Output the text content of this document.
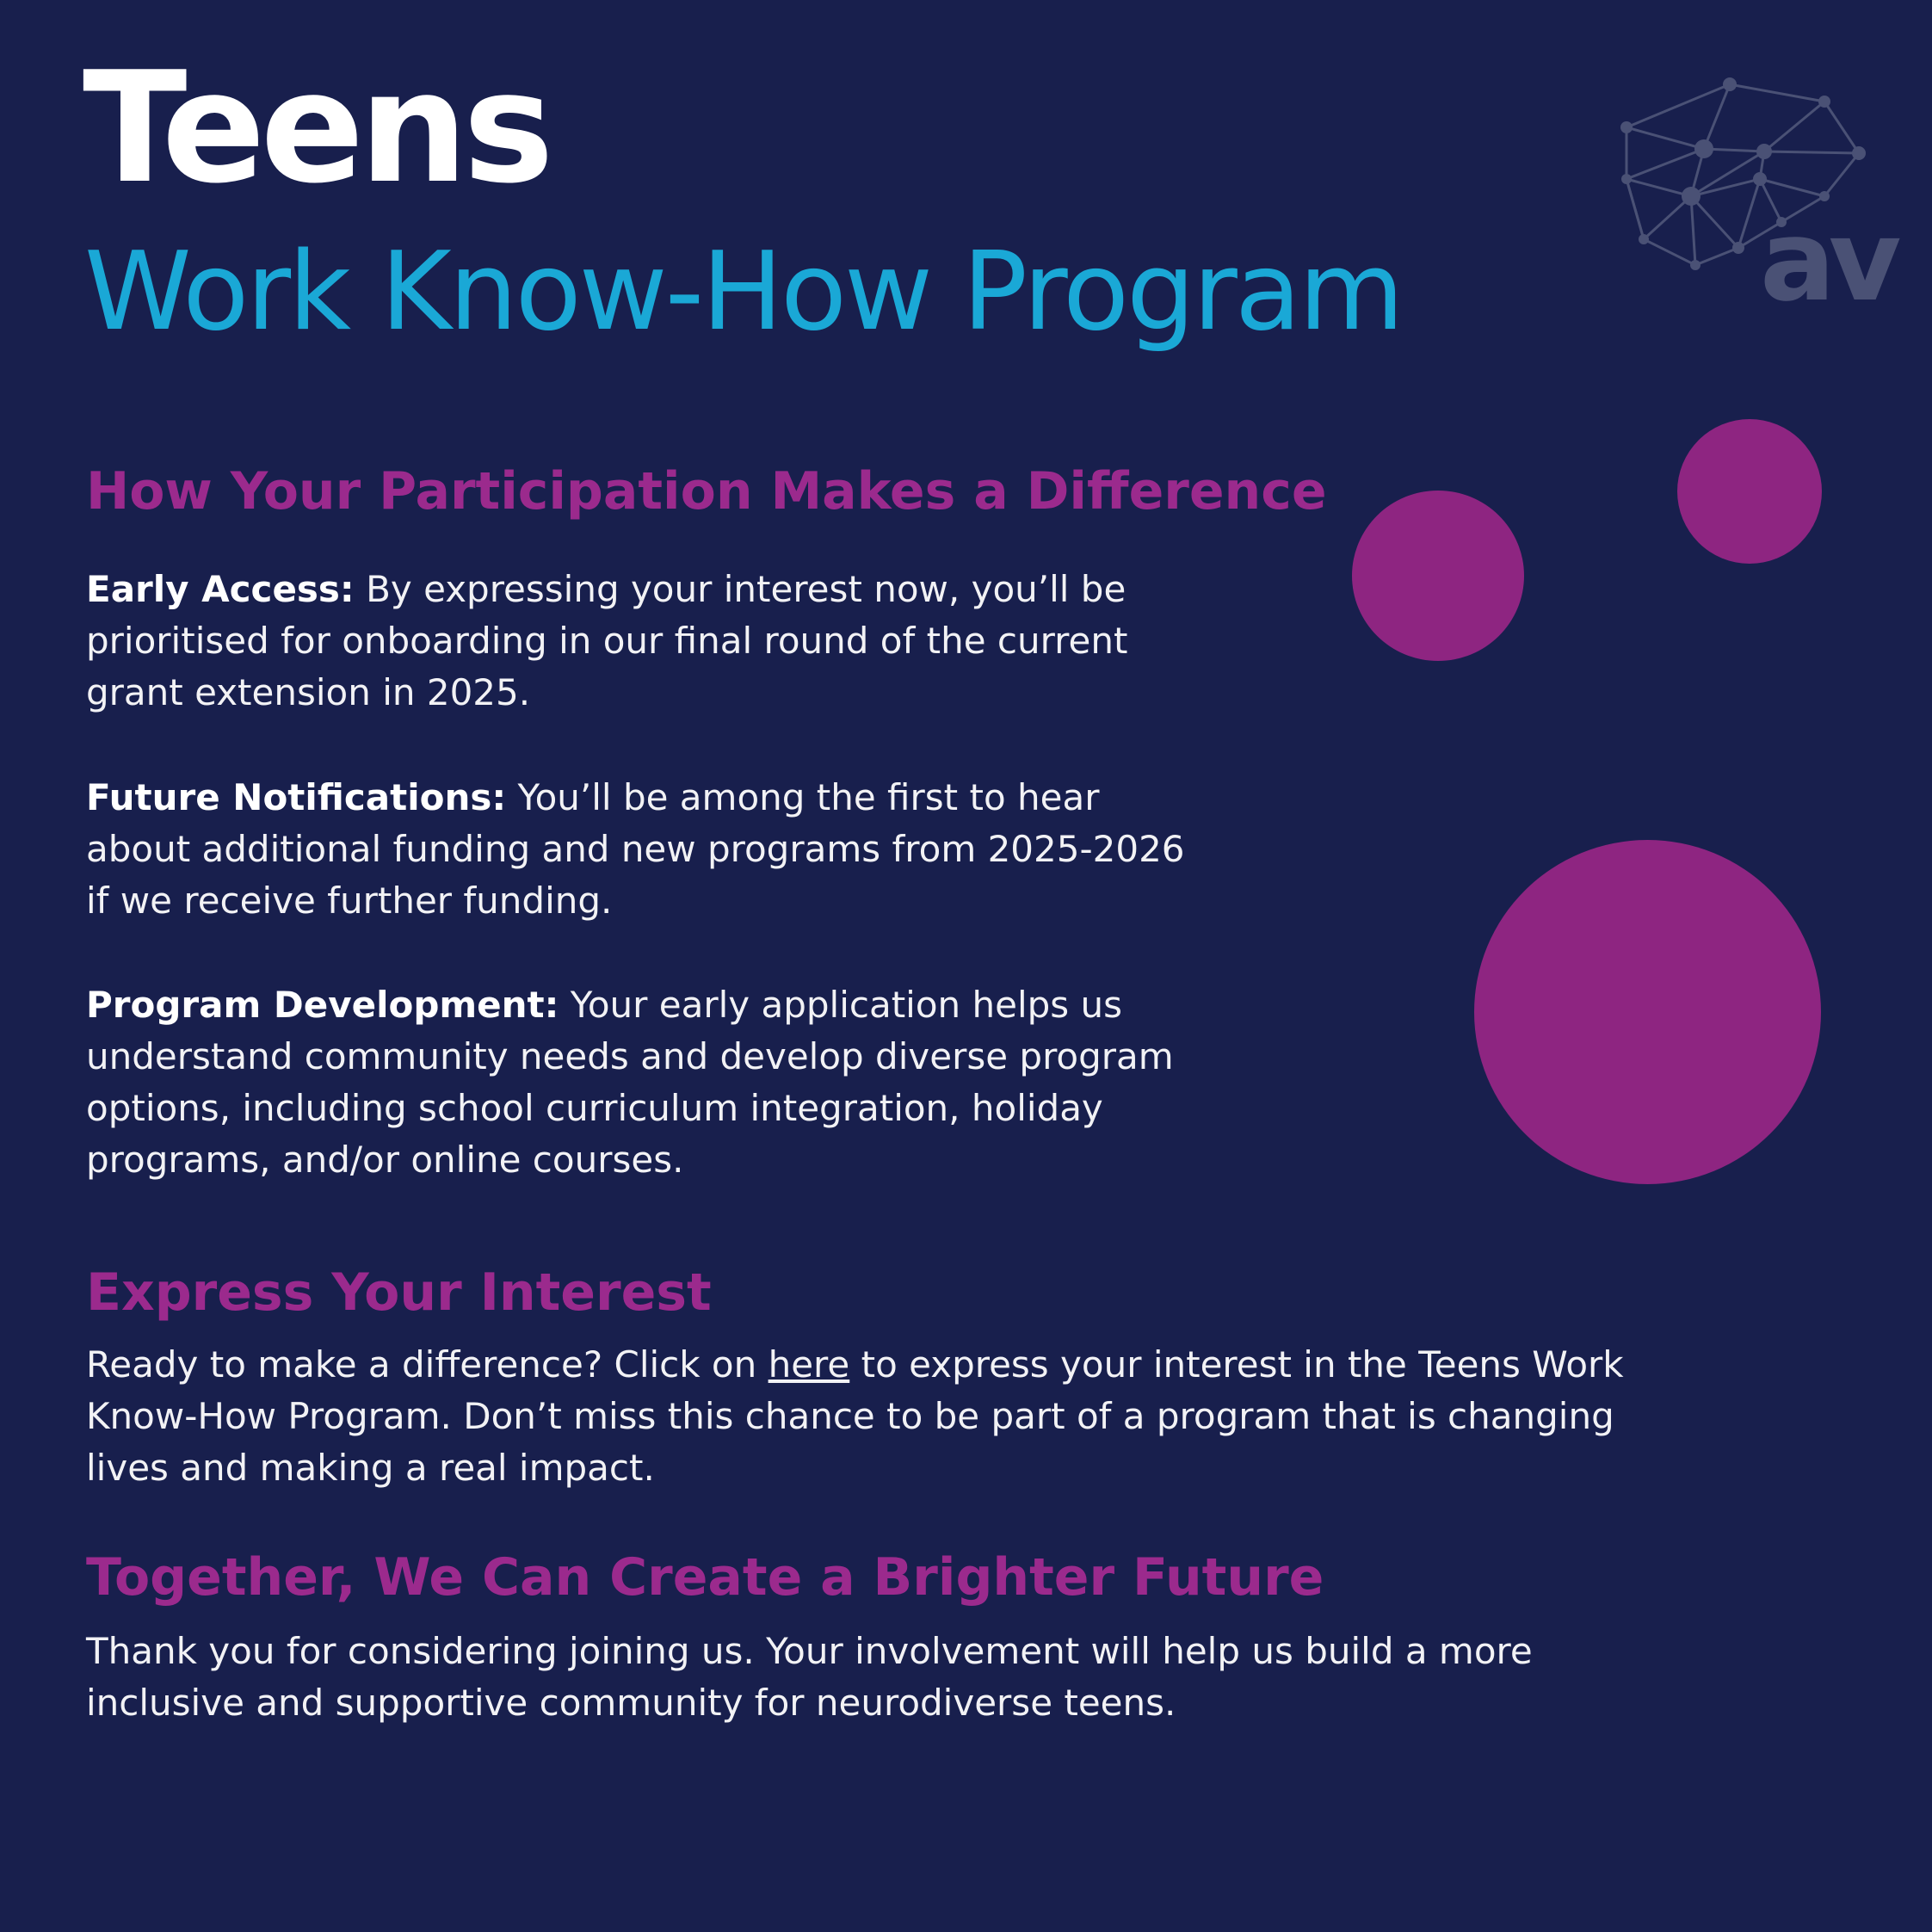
Teens
Work Know-How Program	av
How Your Participation Makes a Difference

Early Access: By expressing your interest now, you’ll be prioritised for onboarding in our final round of the current grant extension in 2025.

Future Notifications: You’ll be among the first to hear about additional funding and new programs from 2025-2026 if we receive further funding.

Program Development: Your early application helps us understand community needs and develop diverse program options, including school curriculum integration, holiday programs, and/or online courses.

Express Your Interest

Ready to make a difference? Click on here to express your interest in the Teens Work Know-How Program. Don’t miss this chance to be part of a program that is changing lives and making a real impact.

Together, We Can Create a Brighter Future

Thank you for considering joining us. Your involvement will help us build a more inclusive and supportive community for neurodiverse teens.
